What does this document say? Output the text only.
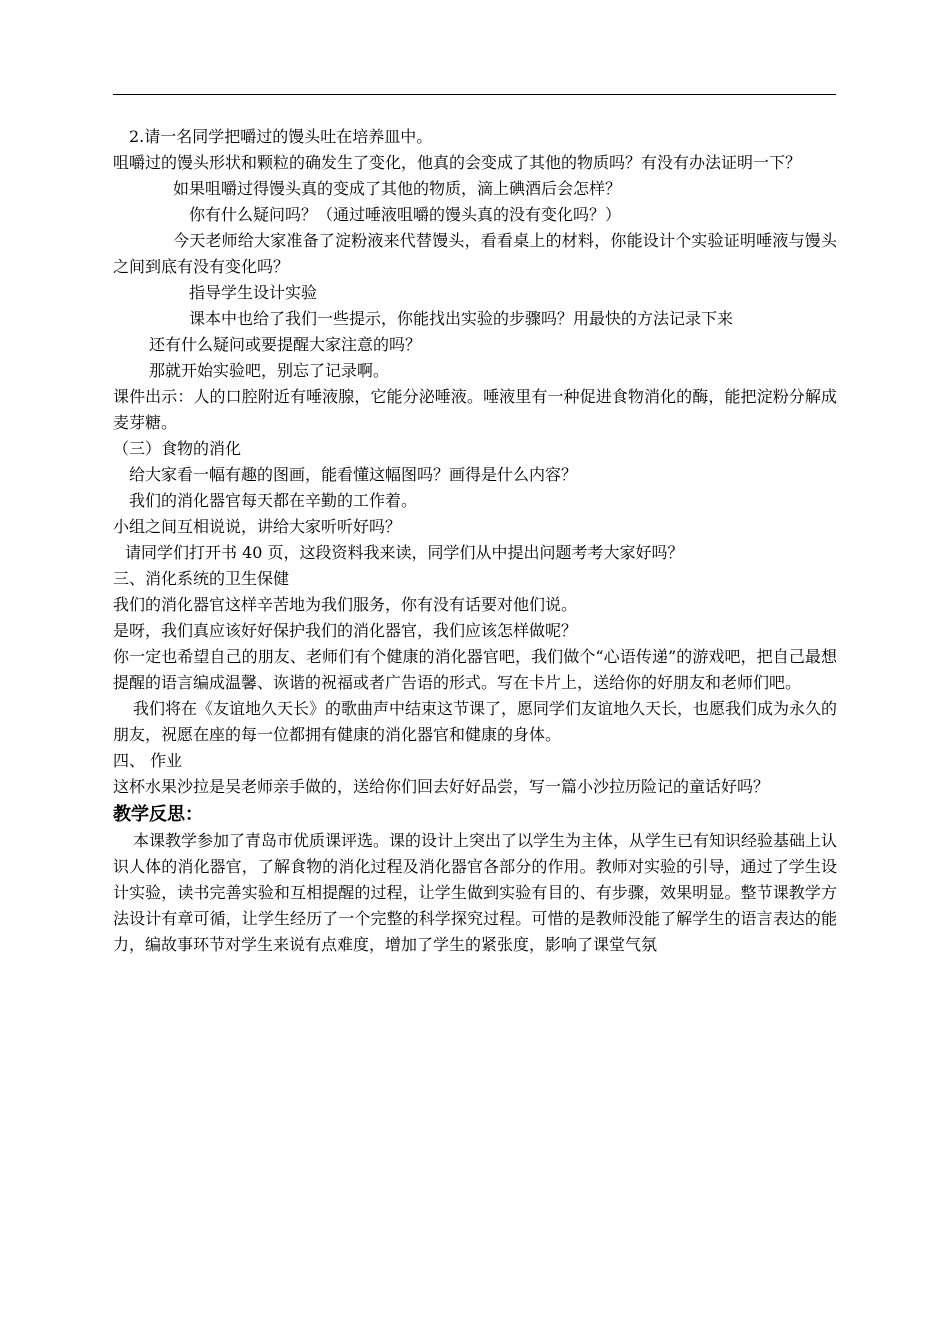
2.请一名同学把嚼过的馒头吐在培养皿中。

咀嚼过的馒头形状和颗粒的确发生了变化，他真的会变成了其他的物质吗？有没有办法证明一下？

如果咀嚼过得馒头真的变成了其他的物质，滴上碘酒后会怎样？

你有什么疑问吗？（通过唾液咀嚼的馒头真的没有变化吗？）

今天老师给大家准备了淀粉液来代替馒头，看看桌上的材料，你能设计个实验证明唾液与馒头之间到底有没有变化吗？

指导学生设计实验

课本中也给了我们一些提示，你能找出实验的步骤吗？用最快的方法记录下来

还有什么疑问或要提醒大家注意的吗？

那就开始实验吧，别忘了记录啊。

课件出示：人的口腔附近有唾液腺，它能分泌唾液。唾液里有一种促进食物消化的酶，能把淀粉分解成麦芽糖。

（三）食物的消化

给大家看一幅有趣的图画，能看懂这幅图吗？画得是什么内容？

我们的消化器官每天都在辛勤的工作着。

小组之间互相说说，讲给大家听听好吗？

请同学们打开书 40 页，这段资料我来读，同学们从中提出问题考考大家好吗？

三、消化系统的卫生保健

我们的消化器官这样辛苦地为我们服务，你有没有话要对他们说。

是呀，我们真应该好好保护我们的消化器官，我们应该怎样做呢？

你一定也希望自己的朋友、老师们有个健康的消化器官吧，我们做个“心语传递”的游戏吧，把自己最想提醒的语言编成温馨、诙谐的祝福或者广告语的形式。写在卡片上，送给你的好朋友和老师们吧。

我们将在《友谊地久天长》的歌曲声中结束这节课了，愿同学们友谊地久天长，也愿我们成为永久的朋友，祝愿在座的每一位都拥有健康的消化器官和健康的身体。

四、 作业

这杯水果沙拉是吴老师亲手做的，送给你们回去好好品尝，写一篇小沙拉历险记的童话好吗？

教学反思：

本课教学参加了青岛市优质课评选。课的设计上突出了以学生为主体，从学生已有知识经验基础上认识人体的消化器官，了解食物的消化过程及消化器官各部分的作用。教师对实验的引导，通过了学生设计实验，读书完善实验和互相提醒的过程，让学生做到实验有目的、有步骤，效果明显。整节课教学方法设计有章可循，让学生经历了一个完整的科学探究过程。可惜的是教师没能了解学生的语言表达的能力，编故事环节对学生来说有点难度，增加了学生的紧张度，影响了课堂气氛
